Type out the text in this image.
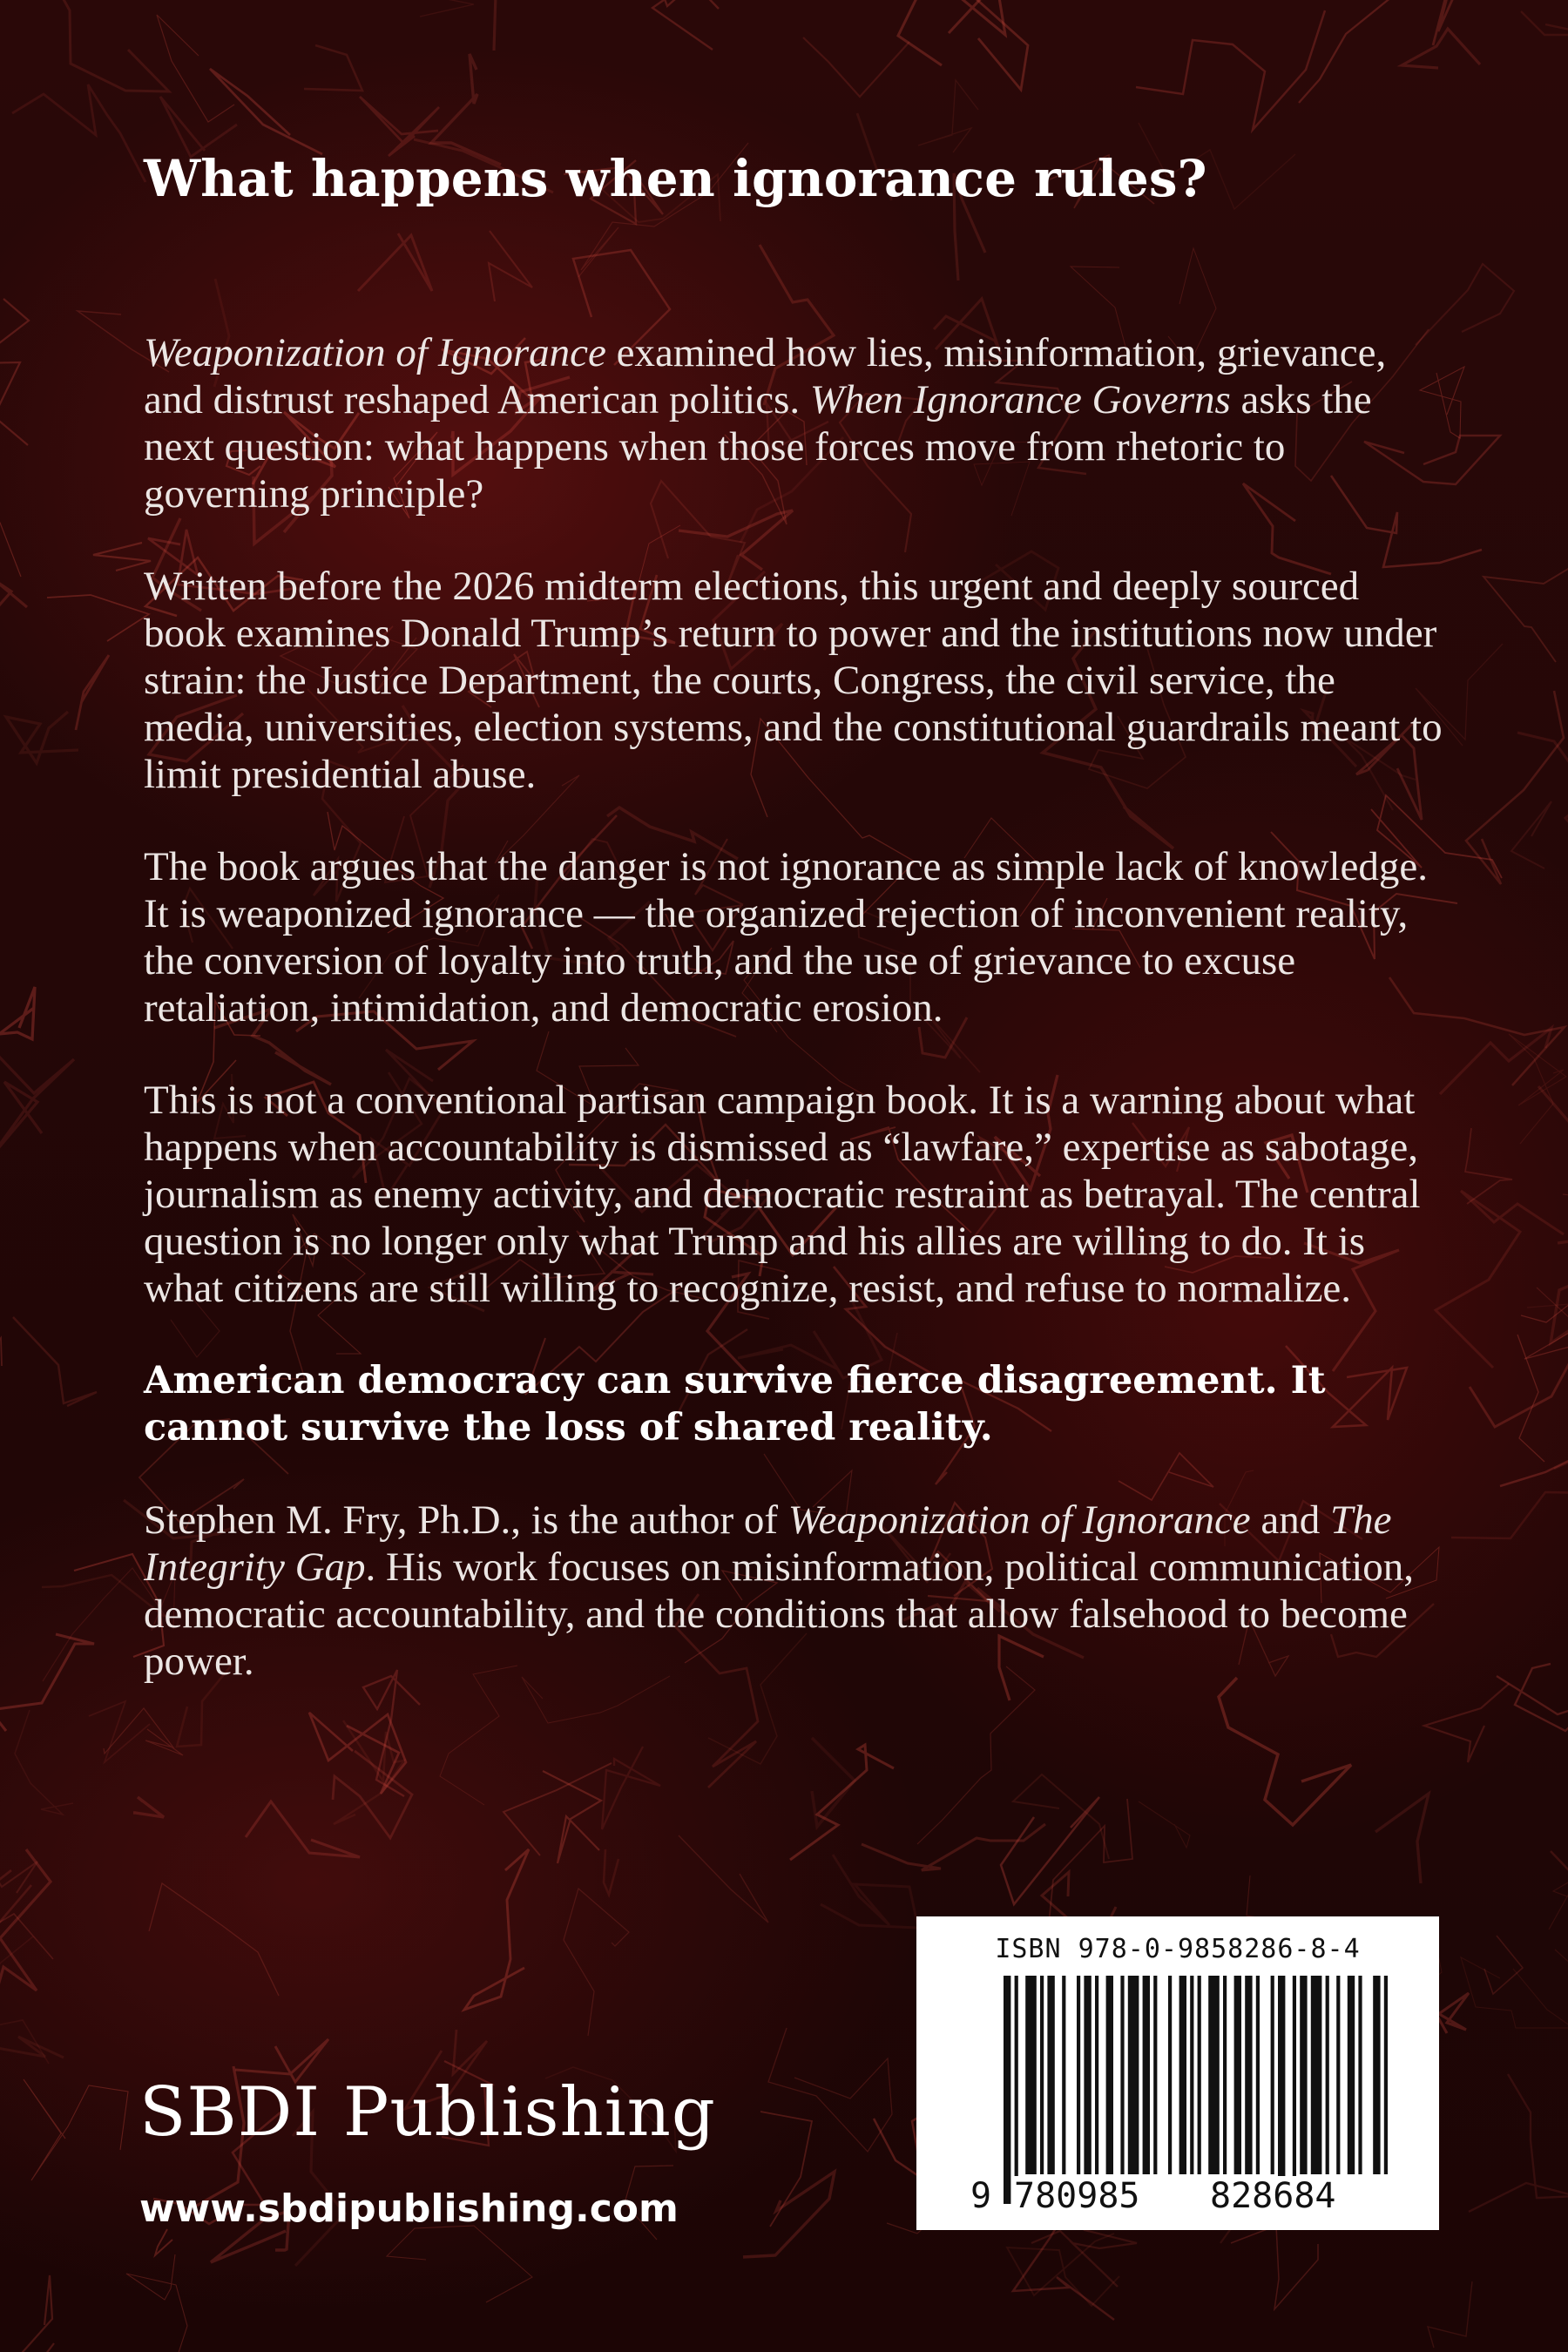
What happens when ignorance rules?
Weaponization of Ignorance examined how lies, misinformation, grievance, and distrust reshaped American politics. When Ignorance Governs asks the next question: what happens when those forces move from rhetoric to governing principle?
Written before the 2026 midterm elections, this urgent and deeply sourced book examines Donald Trump’s return to power and the institutions now under strain: the Justice Department, the courts, Congress, the civil service, the media, universities, election systems, and the constitutional guardrails meant to limit presidential abuse.
The book argues that the danger is not ignorance as simple lack of knowledge. It is weaponized ignorance — the organized rejection of inconvenient reality, the conversion of loyalty into truth, and the use of grievance to excuse retaliation, intimidation, and democratic erosion.
This is not a conventional partisan campaign book. It is a warning about what happens when accountability is dismissed as “lawfare,” expertise as sabotage, journalism as enemy activity, and democratic restraint as betrayal. The central question is no longer only what Trump and his allies are willing to do. It is what citizens are still willing to recognize, resist, and refuse to normalize.
American democracy can survive fierce disagreement. It cannot survive the loss of shared reality.
Stephen M. Fry, Ph.D., is the author of Weaponization of Ignorance and The Integrity Gap. His work focuses on misinformation, political communication, democratic accountability, and the conditions that allow falsehood to become power.
SBDI Publishing
www.sbdipublishing.com
ISBN 978-0-9858286-8-4
9 780985 828684
